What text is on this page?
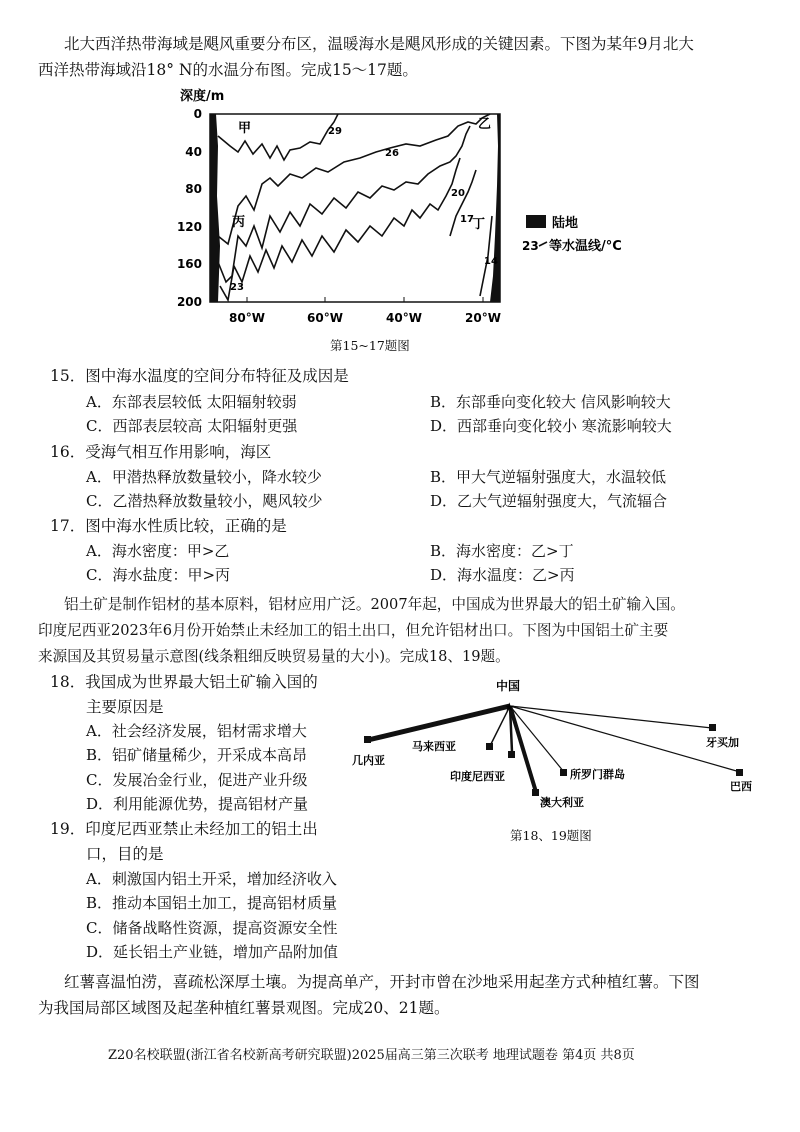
北大西洋热带海域是飓风重要分布区，温暖海水是飓风形成的关键因素。下图为某年9月北大
西洋热带海域沿18° N的水温分布图。完成15～17题。
深度/m
0
40
80
120
160
200
80°W	60°W	40°W	20°W
甲	乙
丙	丁
29
26
23
20
17
14
陆地
23 等水温线/°C
第15~17题图
15．图中海水温度的空间分布特征及成因是
A．东部表层较低 太阳辐射较弱	B．东部垂向变化较大 信风影响较大
C．西部表层较高 太阳辐射更强	D．西部垂向变化较小 寒流影响较大
16．受海气相互作用影响，海区
A．甲潜热释放数量较小，降水较少	B．甲大气逆辐射强度大，水温较低
C．乙潜热释放数量较小，飓风较少	D．乙大气逆辐射强度大，气流辐合
17．图中海水性质比较，正确的是
A．海水密度：甲>乙	B．海水密度：乙>丁
C．海水盐度：甲>丙	D．海水温度：乙>丙
铝土矿是制作铝材的基本原料，铝材应用广泛。2007年起，中国成为世界最大的铝土矿输入国。
印度尼西亚2023年6月份开始禁止未经加工的铝土出口，但允许铝材出口。下图为中国铝土矿主要
来源国及其贸易量示意图(线条粗细反映贸易量的大小)。完成18、19题。
18．我国成为世界最大铝土矿输入国的
主要原因是
A．社会经济发展，铝材需求增大
B．铝矿储量稀少，开采成本高昂
C．发展冶金行业，促进产业升级
D．利用能源优势，提高铝材产量
19．印度尼西亚禁止未经加工的铝土出
口，目的是
A．刺激国内铝土开采，增加经济收入
B．推动本国铝土加工，提高铝材质量
C．储备战略性资源，提高资源安全性
D．延长铝土产业链，增加产品附加值
中国
★
几内亚
马来西亚
印度尼西亚
澳大利亚
所罗门群岛
牙买加
巴西
第18、19题图
红薯喜温怕涝，喜疏松深厚土壤。为提高单产，开封市曾在沙地采用起垄方式种植红薯。下图
为我国局部区域图及起垄种植红薯景观图。完成20、21题。
Z20名校联盟(浙江省名校新高考研究联盟)2025届高三第三次联考 地理试题卷 第4页 共8页
